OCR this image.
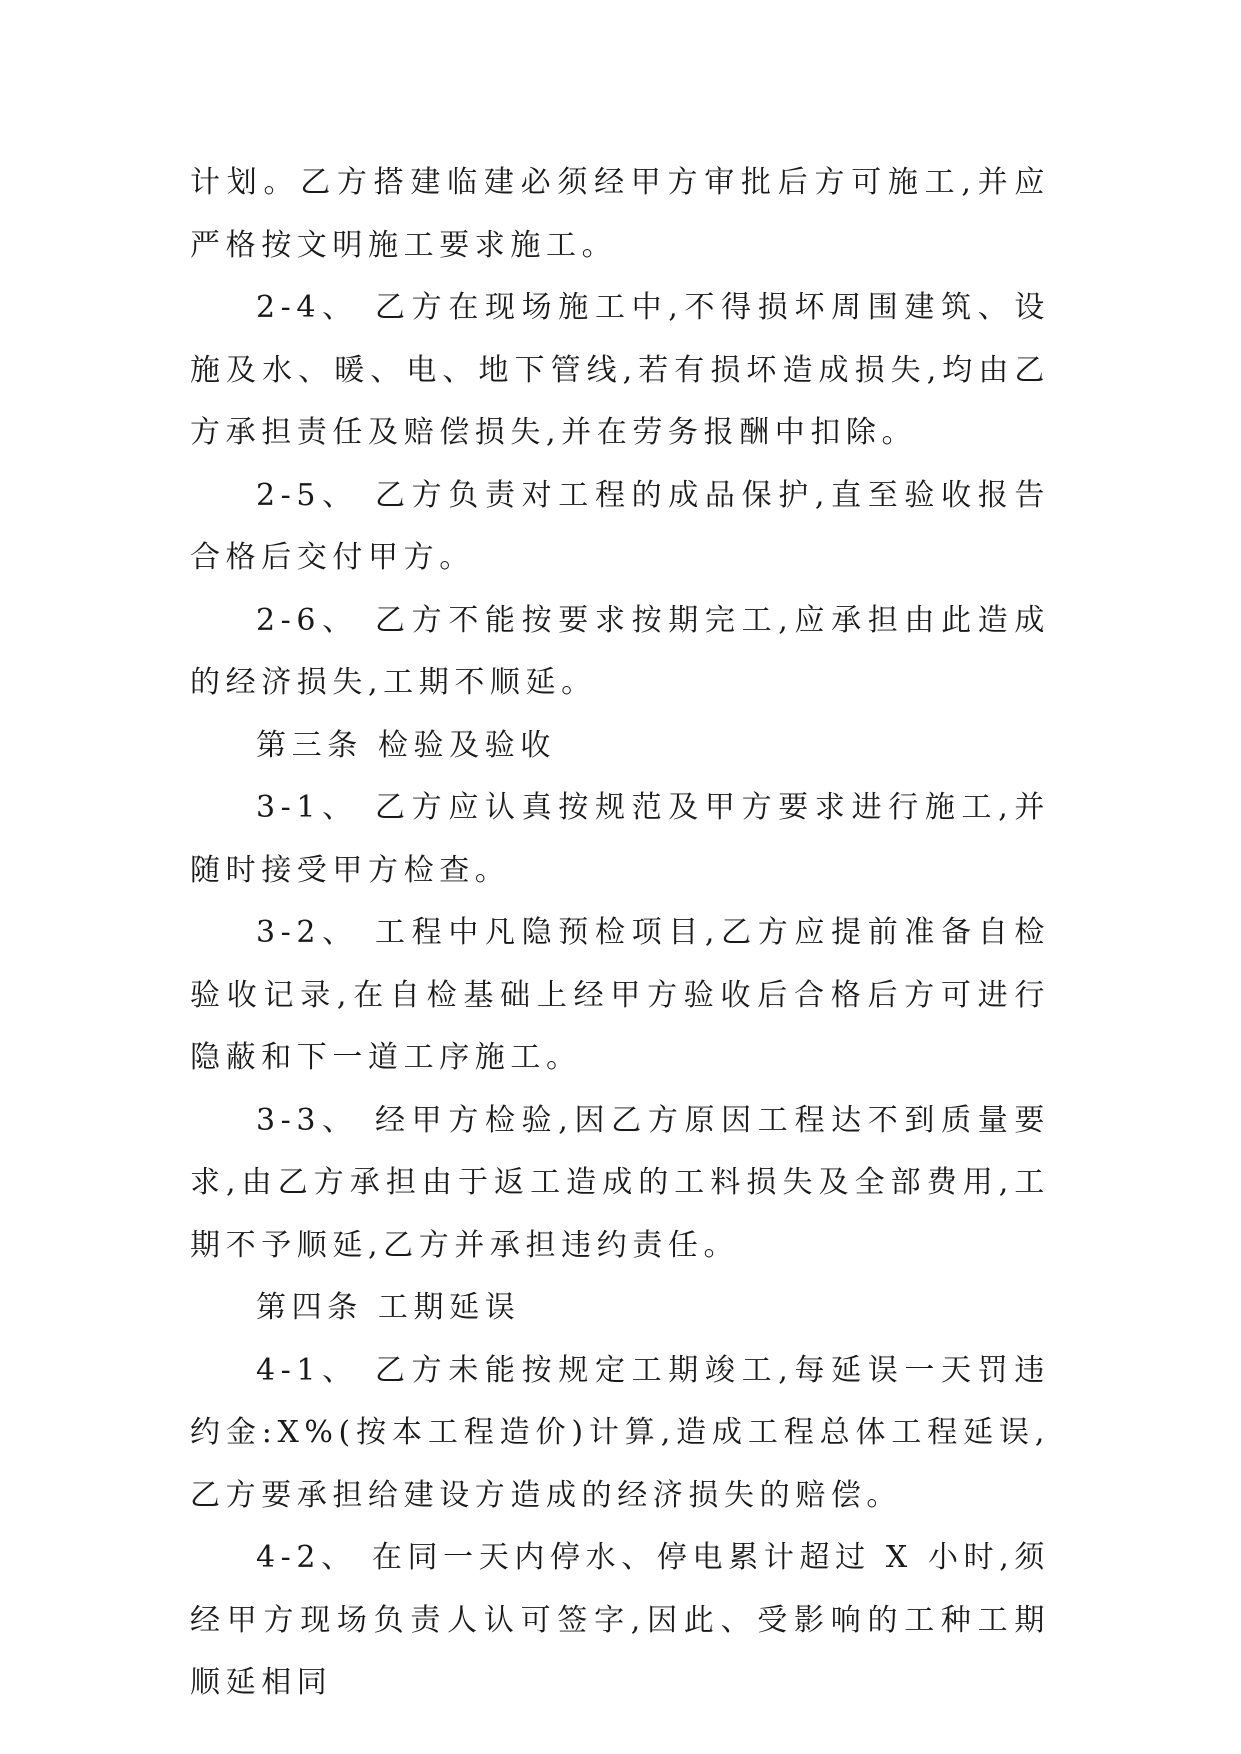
计划。乙方搭建临建必须经甲方审批后方可施工,并应严格按文明施工要求施工。

2-4、 乙方在现场施工中,不得损坏周围建筑、设施及水、暖、电、地下管线,若有损坏造成损失,均由乙方承担责任及赔偿损失,并在劳务报酬中扣除。

2-5、 乙方负责对工程的成品保护,直至验收报告合格后交付甲方。

2-6、 乙方不能按要求按期完工,应承担由此造成的经济损失,工期不顺延。

第三条 检验及验收

3-1、 乙方应认真按规范及甲方要求进行施工,并随时接受甲方检查。

3-2、 工程中凡隐预检项目,乙方应提前准备自检验收记录,在自检基础上经甲方验收后合格后方可进行隐蔽和下一道工序施工。

3-3、 经甲方检验,因乙方原因工程达不到质量要求,由乙方承担由于返工造成的工料损失及全部费用,工期不予顺延,乙方并承担违约责任。

第四条 工期延误

4-1、 乙方未能按规定工期竣工,每延误一天罚违约金:X%(按本工程造价)计算,造成工程总体工程延误,乙方要承担给建设方造成的经济损失的赔偿。

4-2、 在同一天内停水、停电累计超过 X 小时,须经甲方现场负责人认可签字,因此、受影响的工种工期顺延相同
